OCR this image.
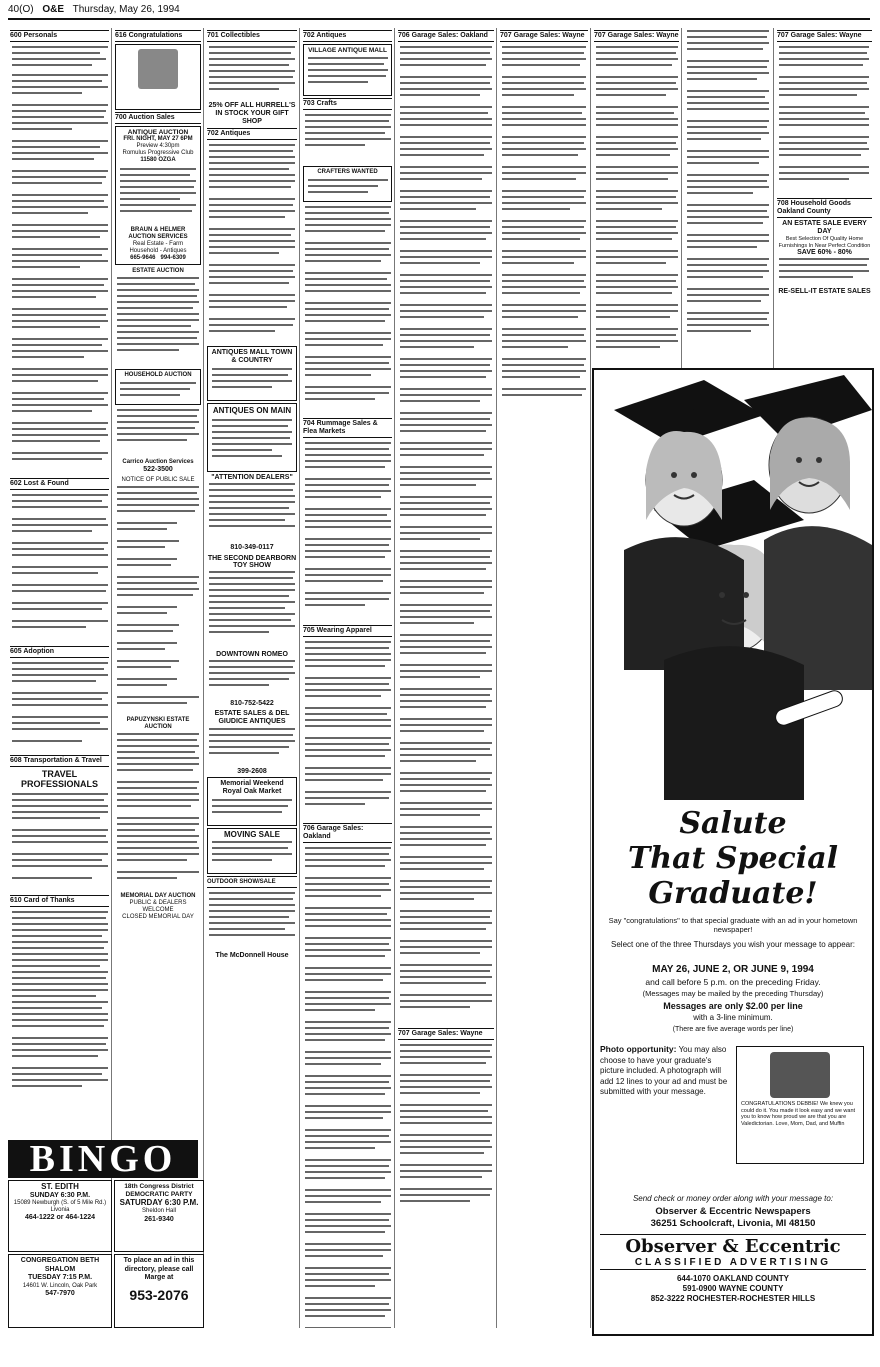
40(O) O&E Thursday, May 26, 1994
600 Personals
602 Lost & Found
605 Adoption
608 Transportation & Travel
TRAVEL PROFESSIONALS
610 Card of Thanks
616 Congratulations
700 Auction Sales
ANTIQUE AUCTION
FRI. NIGHT, MAY 27 6PM
Preview 4:30pm
Romulus Progressive Club
11580 OZGA
BRAUN & HELMER AUCTION SERVICES
Real Estate - Farm
Household - Antiques
665-9646 994-6309
ESTATE AUCTION
HOUSEHOLD AUCTION
Carrico Auction Services
522-3500
NOTICE OF PUBLIC SALE
PAPUZYNSKI ESTATE AUCTION
MEMORIAL DAY AUCTION
PUBLIC & DEALERS WELCOME
CLOSED MEMORIAL DAY
701 Collectibles
25% OFF ALL HURRELL'S IN STOCK YOUR GIFT SHOP
702 Antiques
ANTIQUES MALL TOWN & COUNTRY
ANTIQUES ON MAIN
"ATTENTION DEALERS"
810-349-0117
THE SECOND DEARBORN TOY SHOW
DOWNTOWN ROMEO
810-752-5422
ESTATE SALES & DEL GIUDICE ANTIQUES
399-2608
Memorial Weekend Royal Oak Market
MOVING SALE
OUTDOOR SHOW/SALE
The McDonnell House
702 Antiques
VILLAGE ANTIQUE MALL
703 Crafts
CRAFTERS WANTED
704 Rummage Sales & Flea Markets
705 Wearing Apparel
706 Garage Sales: Oakland
706 Garage Sales: Oakland
707 Garage Sales: Wayne
707 Garage Sales: Wayne	707 Garage Sales: Wayne	707 Garage Sales: Wayne
708 Household Goods Oakland County
AN ESTATE SALE EVERY DAY
Best Selection Of Quality Home Furnishings In Near Perfect Condition
SAVE 60% - 80%
RE-SELL-IT ESTATE SALES
Salute
That Special
Graduate!
Say "congratulations" to that special graduate with an ad in your hometown newspaper!
Select one of the three Thursdays you wish your message to appear:
MAY 26, JUNE 2, OR JUNE 9, 1994
and call before 5 p.m. on the preceding Friday.
(Messages may be mailed by the preceding Thursday)
Messages are only $2.00 per line
with a 3-line minimum.
(There are five average words per line)
Photo opportunity: You may also choose to have your graduate's picture included. A photograph will add 12 lines to your ad and must be submitted with your message.
CONGRATULATIONS DEBBIE! We knew you could do it. You made it look easy and we want you to know how proud we are that you are Valedictorian. Love, Mom, Dad, and Muffin
Send check or money order along with your message to:
Observer & Eccentric Newspapers
36251 Schoolcraft, Livonia, MI 48150
Observer & Eccentric
CLASSIFIED ADVERTISING
644-1070 OAKLAND COUNTY
591-0900 WAYNE COUNTY
852-3222 ROCHESTER-ROCHESTER HILLS
BINGO
ST. EDITH
SUNDAY 6:30 P.M.
15089 Newburgh (S. of 5 Mile Rd.) Livonia
464-1222 or 464-1224
CONGREGATION BETH SHALOM
TUESDAY 7:15 P.M.
14601 W. Lincoln, Oak Park
547-7970
18th Congress District DEMOCRATIC PARTY
SATURDAY 6:30 P.M.
Sheldon Hall
261-9340
To place an ad in this directory, please call Marge at
953-2076
